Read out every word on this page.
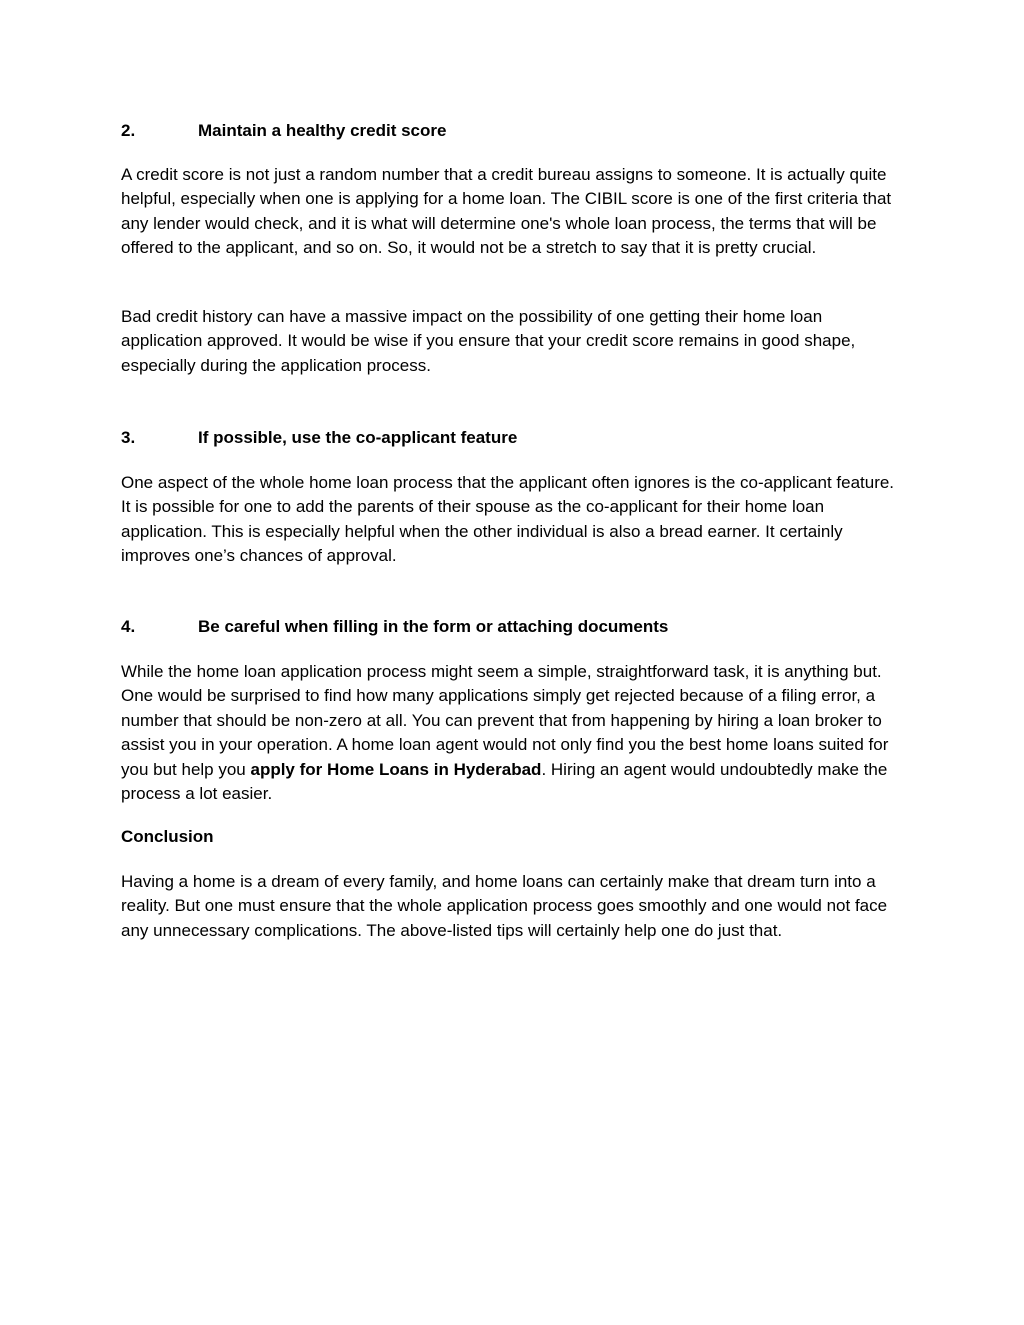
2.	Maintain a healthy credit score

A credit score is not just a random number that a credit bureau assigns to someone. It is actually quite helpful, especially when one is applying for a home loan. The CIBIL score is one of the first criteria that any lender would check, and it is what will determine one's whole loan process, the terms that will be offered to the applicant, and so on. So, it would not be a stretch to say that it is pretty crucial.

Bad credit history can have a massive impact on the possibility of one getting their home loan application approved. It would be wise if you ensure that your credit score remains in good shape, especially during the application process.

3.	If possible, use the co-applicant feature

One aspect of the whole home loan process that the applicant often ignores is the co-applicant feature. It is possible for one to add the parents of their spouse as the co-applicant for their home loan application. This is especially helpful when the other individual is also a bread earner. It certainly improves one’s chances of approval.

4.	Be careful when filling in the form or attaching documents

While the home loan application process might seem a simple, straightforward task, it is anything but. One would be surprised to find how many applications simply get rejected because of a filing error, a number that should be non-zero at all. You can prevent that from happening by hiring a loan broker to assist you in your operation. A home loan agent would not only find you the best home loans suited for you but help you apply for Home Loans in Hyderabad. Hiring an agent would undoubtedly make the process a lot easier.

Conclusion

Having a home is a dream of every family, and home loans can certainly make that dream turn into a reality. But one must ensure that the whole application process goes smoothly and one would not face any unnecessary complications. The above-listed tips will certainly help one do just that.
